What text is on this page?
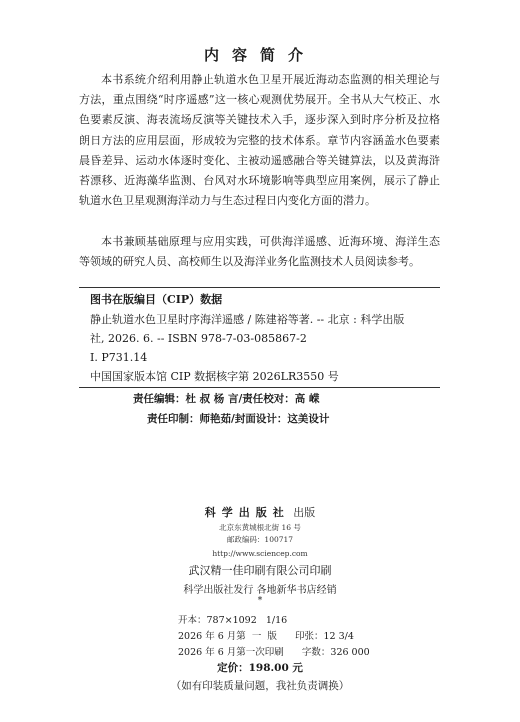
内容简介

本书系统介绍利用静止轨道水色卫星开展近海动态监测的相关理论与方法，重点围绕“时序遥感”这一核心观测优势展开。全书从大气校正、水色要素反演、海表流场反演等关键技术入手，逐步深入到时序分析及拉格朗日方法的应用层面，形成较为完整的技术体系。章节内容涵盖水色要素晨昏差异、运动水体逐时变化、主被动遥感融合等关键算法，以及黄海浒苔漂移、近海藻华监测、台风对水环境影响等典型应用案例，展示了静止轨道水色卫星观测海洋动力与生态过程日内变化方面的潜力。

本书兼顾基础原理与应用实践，可供海洋遥感、近海环境、海洋生态等领域的研究人员、高校师生以及海洋业务化监测技术人员阅读参考。

图书在版编目（CIP）数据

静止轨道水色卫星时序海洋遥感 / 陈建裕等著. -- 北京 : 科学出版

社, 2026. 6. -- ISBN 978-7-03-085867-2

I. P731.14

中国国家版本馆 CIP 数据核字第 2026LR3550 号

责任编辑：杜 叔 杨 言/责任校对：高 嵘
责任印制：师艳茹/封面设计：这美设计
科学出版社 出版
北京东黄城根北街 16 号
邮政编码：100717
http://www.sciencep.com
武汉精一佳印刷有限公司印刷
科学出版社发行 各地新华书店经销
*
开本：787×1092   1/16
2026 年 6 月第  一  版      印张：12 3/4
2026 年 6 月第一次印刷      字数：326 000
定价：198.00 元
（如有印装质量问题，我社负责调换）
